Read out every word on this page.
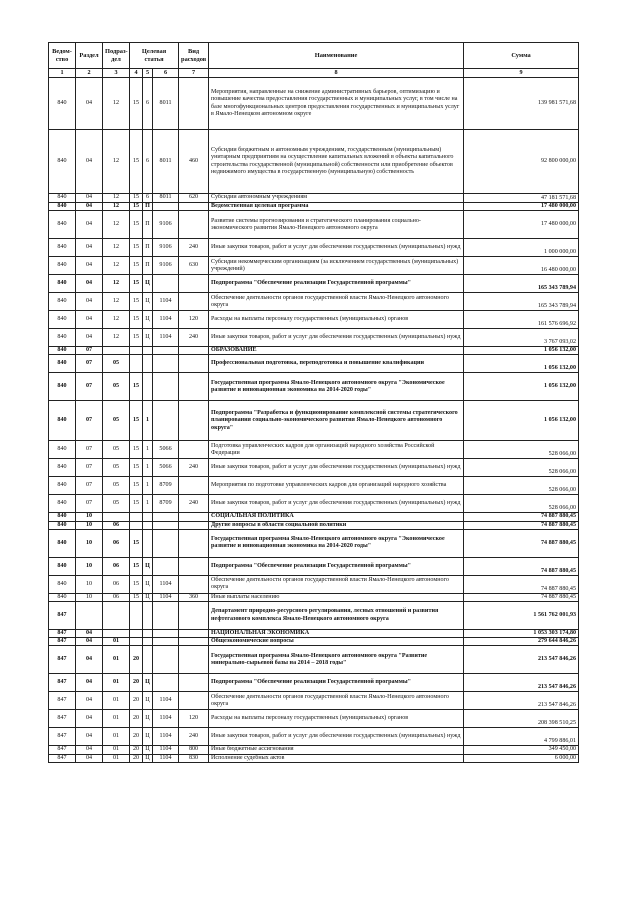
Ведом-ство	Раздел	Подраз-дел	Целевая статья			Вид расходов	Наименование	Сумма
1	2	3	4	5	6	7	8	9
840	04	12	15	6	8011		Мероприятия, направленные на снижение административных барьеров, оптимизацию и повышение качества предоставления государственных и муниципальных услуг, в том числе на базе многофункциональных центров предоставления государственных и муниципальных услуг в Ямало-Ненецком автономном округе	139 981 571,68
840	04	12	15	6	8011	460	Субсидии бюджетным и автономным учреждениям, государственным (муниципальным) унитарным предприятиям на осуществление капитальных вложений в объекты капитального строительства государственной (муниципальной) собственности или приобретение объектов недвижимого имущества в государственную (муниципальную) собственность	92 800 000,00
840	04	12	15	6	8011	620	Субсидии автономным учреждениям	47 181 571,68
840	04	12	15	П			Ведомственная целевая программа	17 480 000,00
840	04	12	15	П	9106		Развитие системы прогнозирования и стратегического планирования социально-экономического развития Ямало-Ненецкого автономного округа	17 480 000,00
840	04	12	15	П	9106	240	Иные закупки товаров, работ и услуг для обеспечения государственных (муниципальных) нужд	1 000 000,00
840	04	12	15	П	9106	630	Субсидии некоммерческим организациям (за исключением государственных (муниципальных) учреждений)	16 480 000,00
840	04	12	15	Ц			Подпрограмма "Обеспечение реализации Государственной программы"	165 343 789,94
840	04	12	15	Ц	1104		Обеспечение деятельности органов государственной власти Ямало-Ненецкого автономного округа	165 343 789,94
840	04	12	15	Ц	1104	120	Расходы на выплаты персоналу государственных (муниципальных) органов	161 576 696,92
840	04	12	15	Ц	1104	240	Иные закупки товаров, работ и услуг для обеспечения государственных (муниципальных) нужд	3 767 093,02
840	07						ОБРАЗОВАНИЕ	1 056 132,00
840	07	05					Профессиональная подготовка, переподготовка и повышение квалификации	1 056 132,00
840	07	05	15				Государственная программа Ямало-Ненецкого автономного округа "Экономическое развитие и инновационная экономика на 2014-2020 годы"	1 056 132,00
840	07	05	15	1			Подпрограмма "Разработка и функционирование комплексной системы стратегического планирования социально-экономического развития Ямало-Ненецкого автономного округа"	1 056 132,00
840	07	05	15	1	5066		Подготовка управленческих кадров для организаций народного хозяйства Российской Федерации	528 066,00
840	07	05	15	1	5066	240	Иные закупки товаров, работ и услуг для обеспечения государственных (муниципальных) нужд	528 066,00
840	07	05	15	1	8709		Мероприятия по подготовке управленческих кадров для организаций народного хозяйства	528 066,00
840	07	05	15	1	8709	240	Иные закупки товаров, работ и услуг для обеспечения государственных (муниципальных) нужд	528 066,00
840	10						СОЦИАЛЬНАЯ ПОЛИТИКА	74 887 880,45
840	10	06					Другие вопросы в области социальной политики	74 887 880,45
840	10	06	15				Государственная программа Ямало-Ненецкого автономного округа "Экономическое развитие и инновационная экономика на 2014-2020 годы"	74 887 880,45
840	10	06	15	Ц			Подпрограмма "Обеспечение реализации Государственной программы"	74 887 880,45
840	10	06	15	Ц	1104		Обеспечение деятельности органов государственной власти Ямало-Ненецкого автономного округа	74 887 880,45
840	10	06	15	Ц	1104	360	Иные выплаты населению	74 887 880,45
847							Департамент природно-ресурсного регулирования, лесных отношений и развития нефтегазового комплекса Ямало-Ненецкого автономного округа	1 561 762 001,93
847	04						НАЦИОНАЛЬНАЯ ЭКОНОМИКА	1 053 303 174,80
847	04	01					Общеэкономические вопросы	279 644 846,26
847	04	01	20				Государственная программа Ямало-Ненецкого автономного округа "Развитие минерально-сырьевой базы на 2014 – 2018 годы"	213 547 846,26
847	04	01	20	Ц			Подпрограмма "Обеспечение реализации Государственной программы"	213 547 846,26
847	04	01	20	Ц	1104		Обеспечение деятельности органов государственной власти Ямало-Ненецкого автономного округа	213 547 846,26
847	04	01	20	Ц	1104	120	Расходы на выплаты персоналу государственных (муниципальных) органов	208 398 510,25
847	04	01	20	Ц	1104	240	Иные закупки товаров, работ и услуг для обеспечения государственных (муниципальных) нужд	4 799 886,01
847	04	01	20	Ц	1104	800	Иные бюджетные ассигнования	349 450,00
847	04	01	20	Ц	1104	830	Исполнение судебных актов	6 000,00
